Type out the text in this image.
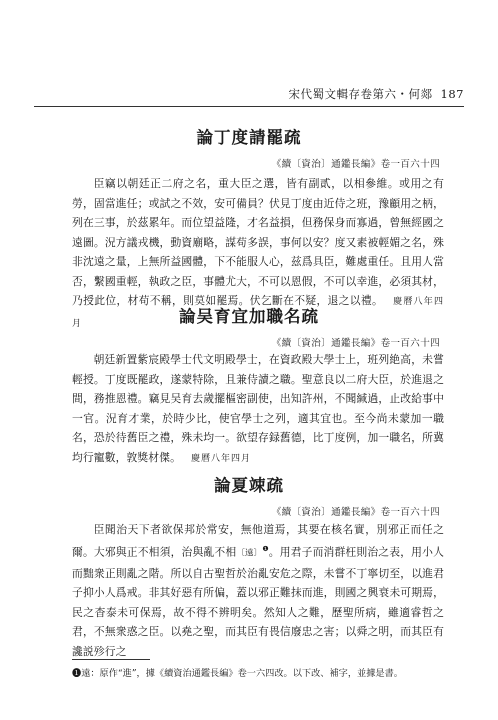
宋代蜀文輯存卷第六・何郯 187
論丁度請罷疏
《續〔資治〕通鑑長編》卷一百六十四

臣竊以朝廷正二府之名，重大臣之選，皆有副貳，以相參維。或用之有勞，固當進任；或試之不效，安可備員？伏見丁度由近侍之班，豫顧用之柄，列在三事，於茲累年。而位望益隆，才名益損，但務保身而寡過，曾無經國之遠圖。況方議戎機，動資廟略，謀苟多誤，事何以安？度又素被輕媚之名，殊非沈遠之量，上無所益國體，下不能服人心，兹爲具臣，難處重任。且用人當否，繫國重輕，執政之臣，事體尤大，不可以恩假，不可以幸進，必須其材，乃授此位，材苟不稱，則莫如罷焉。伏乞斷在不疑，退之以禮。 慶曆八年四月	論吴育宜加職名疏
《續〔資治〕通鑑長編》卷一百六十四

朝廷新置紫宸殿學士代文明殿學士，在資政殿大學士上，班列絶高，未嘗輕授。丁度既罷政，遂蒙特除，且兼侍讀之職。聖意良以二府大臣，於進退之間，務推恩禮。竊見吴育去歲擺樞密副使，出知許州，不聞緘過，止改給事中一官。況育才業，於時少比，使官學士之列，適其宜也。至今尚未蒙加一職名，恐於待舊臣之禮，殊未均一。欲望存録舊德，比丁度例，加一職名，所冀均行寵數，敦獎材傑。 慶曆八年四月

論夏竦疏
《續〔資治〕通鑑長編》卷一百六十四

臣聞治天下者欲保邦於常安，無他道焉，其要在核名實，別邪正而任之爾。大邪與正不相須，治與亂不相〔遠〕$^❶$。用君子而消群枉則治之表，用小人而黜衆正則亂之階。所以自古聖哲於治亂安危之際，未嘗不丁寧切至，以進君子抑小人爲戒。非其好惡有所偏，蓋以邪正難抹而進，則國之興衰未可期焉，民之杳泰未可保焉，故不得不辨明矣。然知人之難，歷聖所病，雖適睿哲之君，不無衆惑之臣。以堯之聖，而其臣有畏信廢忠之害；以舜之明，而其臣有讒説殄行之

❶遠：原作“進”，據《續資治通鑑長編》卷一六四改。以下改、補字，並據是書。
